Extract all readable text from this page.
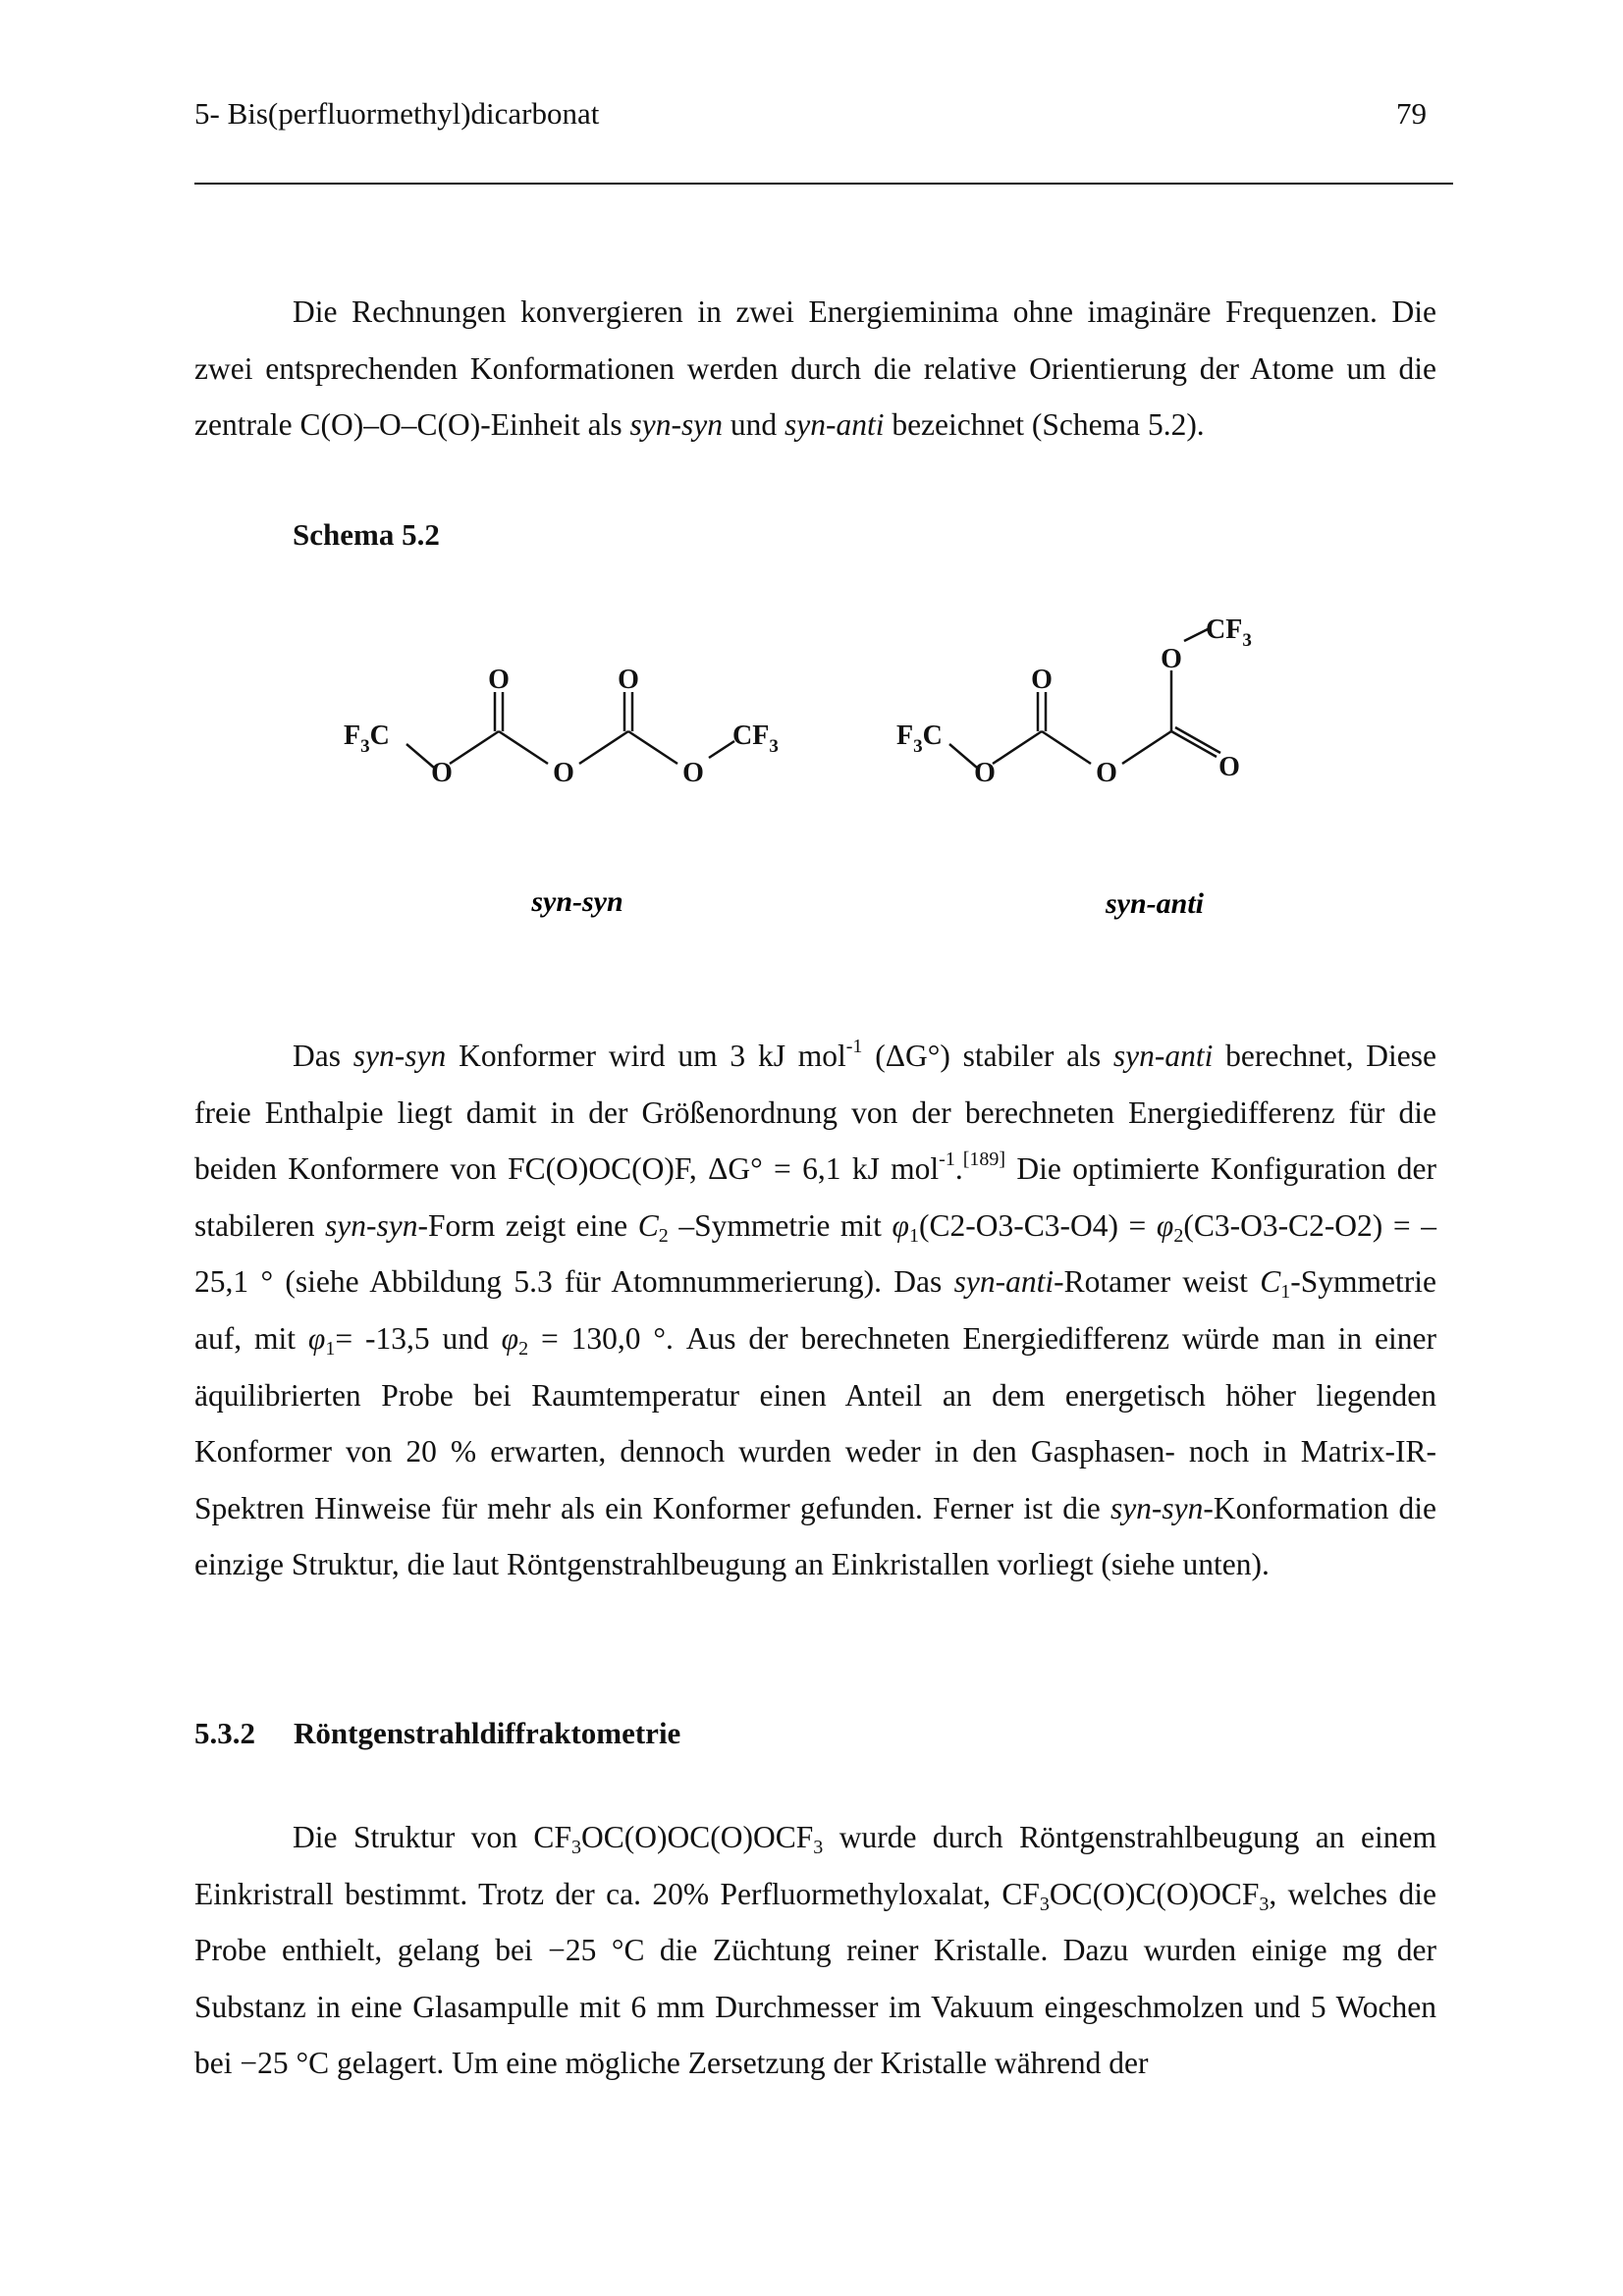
5- Bis(perfluormethyl)dicarbonat	79

Die Rechnungen konvergieren in zwei Energieminima ohne imaginäre Frequenzen. Die zwei entsprechenden Konformationen werden durch die relative Orientierung der Atome um die zentrale C(O)–O–C(O)-Einheit als syn-syn und syn-anti bezeichnet (Schema 5.2).

Schema 5.2

$F_3C$
O	O	O
O	O
$CF_3$	$F_3C$
O	O
O
O
O
$CF_3$
syn-syn	syn-anti

Das syn-syn Konformer wird um 3 kJ mol$^{-1}$ (ΔG°) stabiler als syn-anti berechnet, Diese freie Enthalpie liegt damit in der Größenordnung von der berechneten Energiedifferenz für die beiden Konformere von FC(O)OC(O)F, ΔG° = 6,1 kJ mol$^{-1}$.[189] Die optimierte Konfiguration der stabileren syn-syn-Form zeigt eine $C_2$ –Symmetrie mit $\varphi_1(C2-O3-C3-O4) = \varphi_2(C3-O3-C2-O2)$ = – 25,1 ° (siehe Abbildung 5.3 für Atomnummerierung). Das syn-anti-Rotamer weist $C_1$-Symmetrie auf, mit $\varphi_1= -13,5$ und $\varphi_2 = 130,0$ °. Aus der berechneten Energiedifferenz würde man in einer äquilibrierten Probe bei Raumtemperatur einen Anteil an dem energetisch höher liegenden Konformer von 20 % erwarten, dennoch wurden weder in den Gasphasen- noch in Matrix-IR-Spektren Hinweise für mehr als ein Konformer gefunden. Ferner ist die syn-syn-Konformation die einzige Struktur, die laut Röntgenstrahlbeugung an Einkristallen vorliegt (siehe unten).

5.3.2 Röntgenstrahldiffraktometrie

Die Struktur von $CF_3OC(O)OC(O)OCF_3$ wurde durch Röntgenstrahlbeugung an einem Einkristrall bestimmt. Trotz der ca. 20% Perfluormethyloxalat, $CF_3OC(O)C(O)OCF_3$, welches die Probe enthielt, gelang bei −25 °C die Züchtung reiner Kristalle. Dazu wurden einige mg der Substanz in eine Glasampulle mit 6 mm Durchmesser im Vakuum eingeschmolzen und 5 Wochen bei −25 °C gelagert. Um eine mögliche Zersetzung der Kristalle während der
